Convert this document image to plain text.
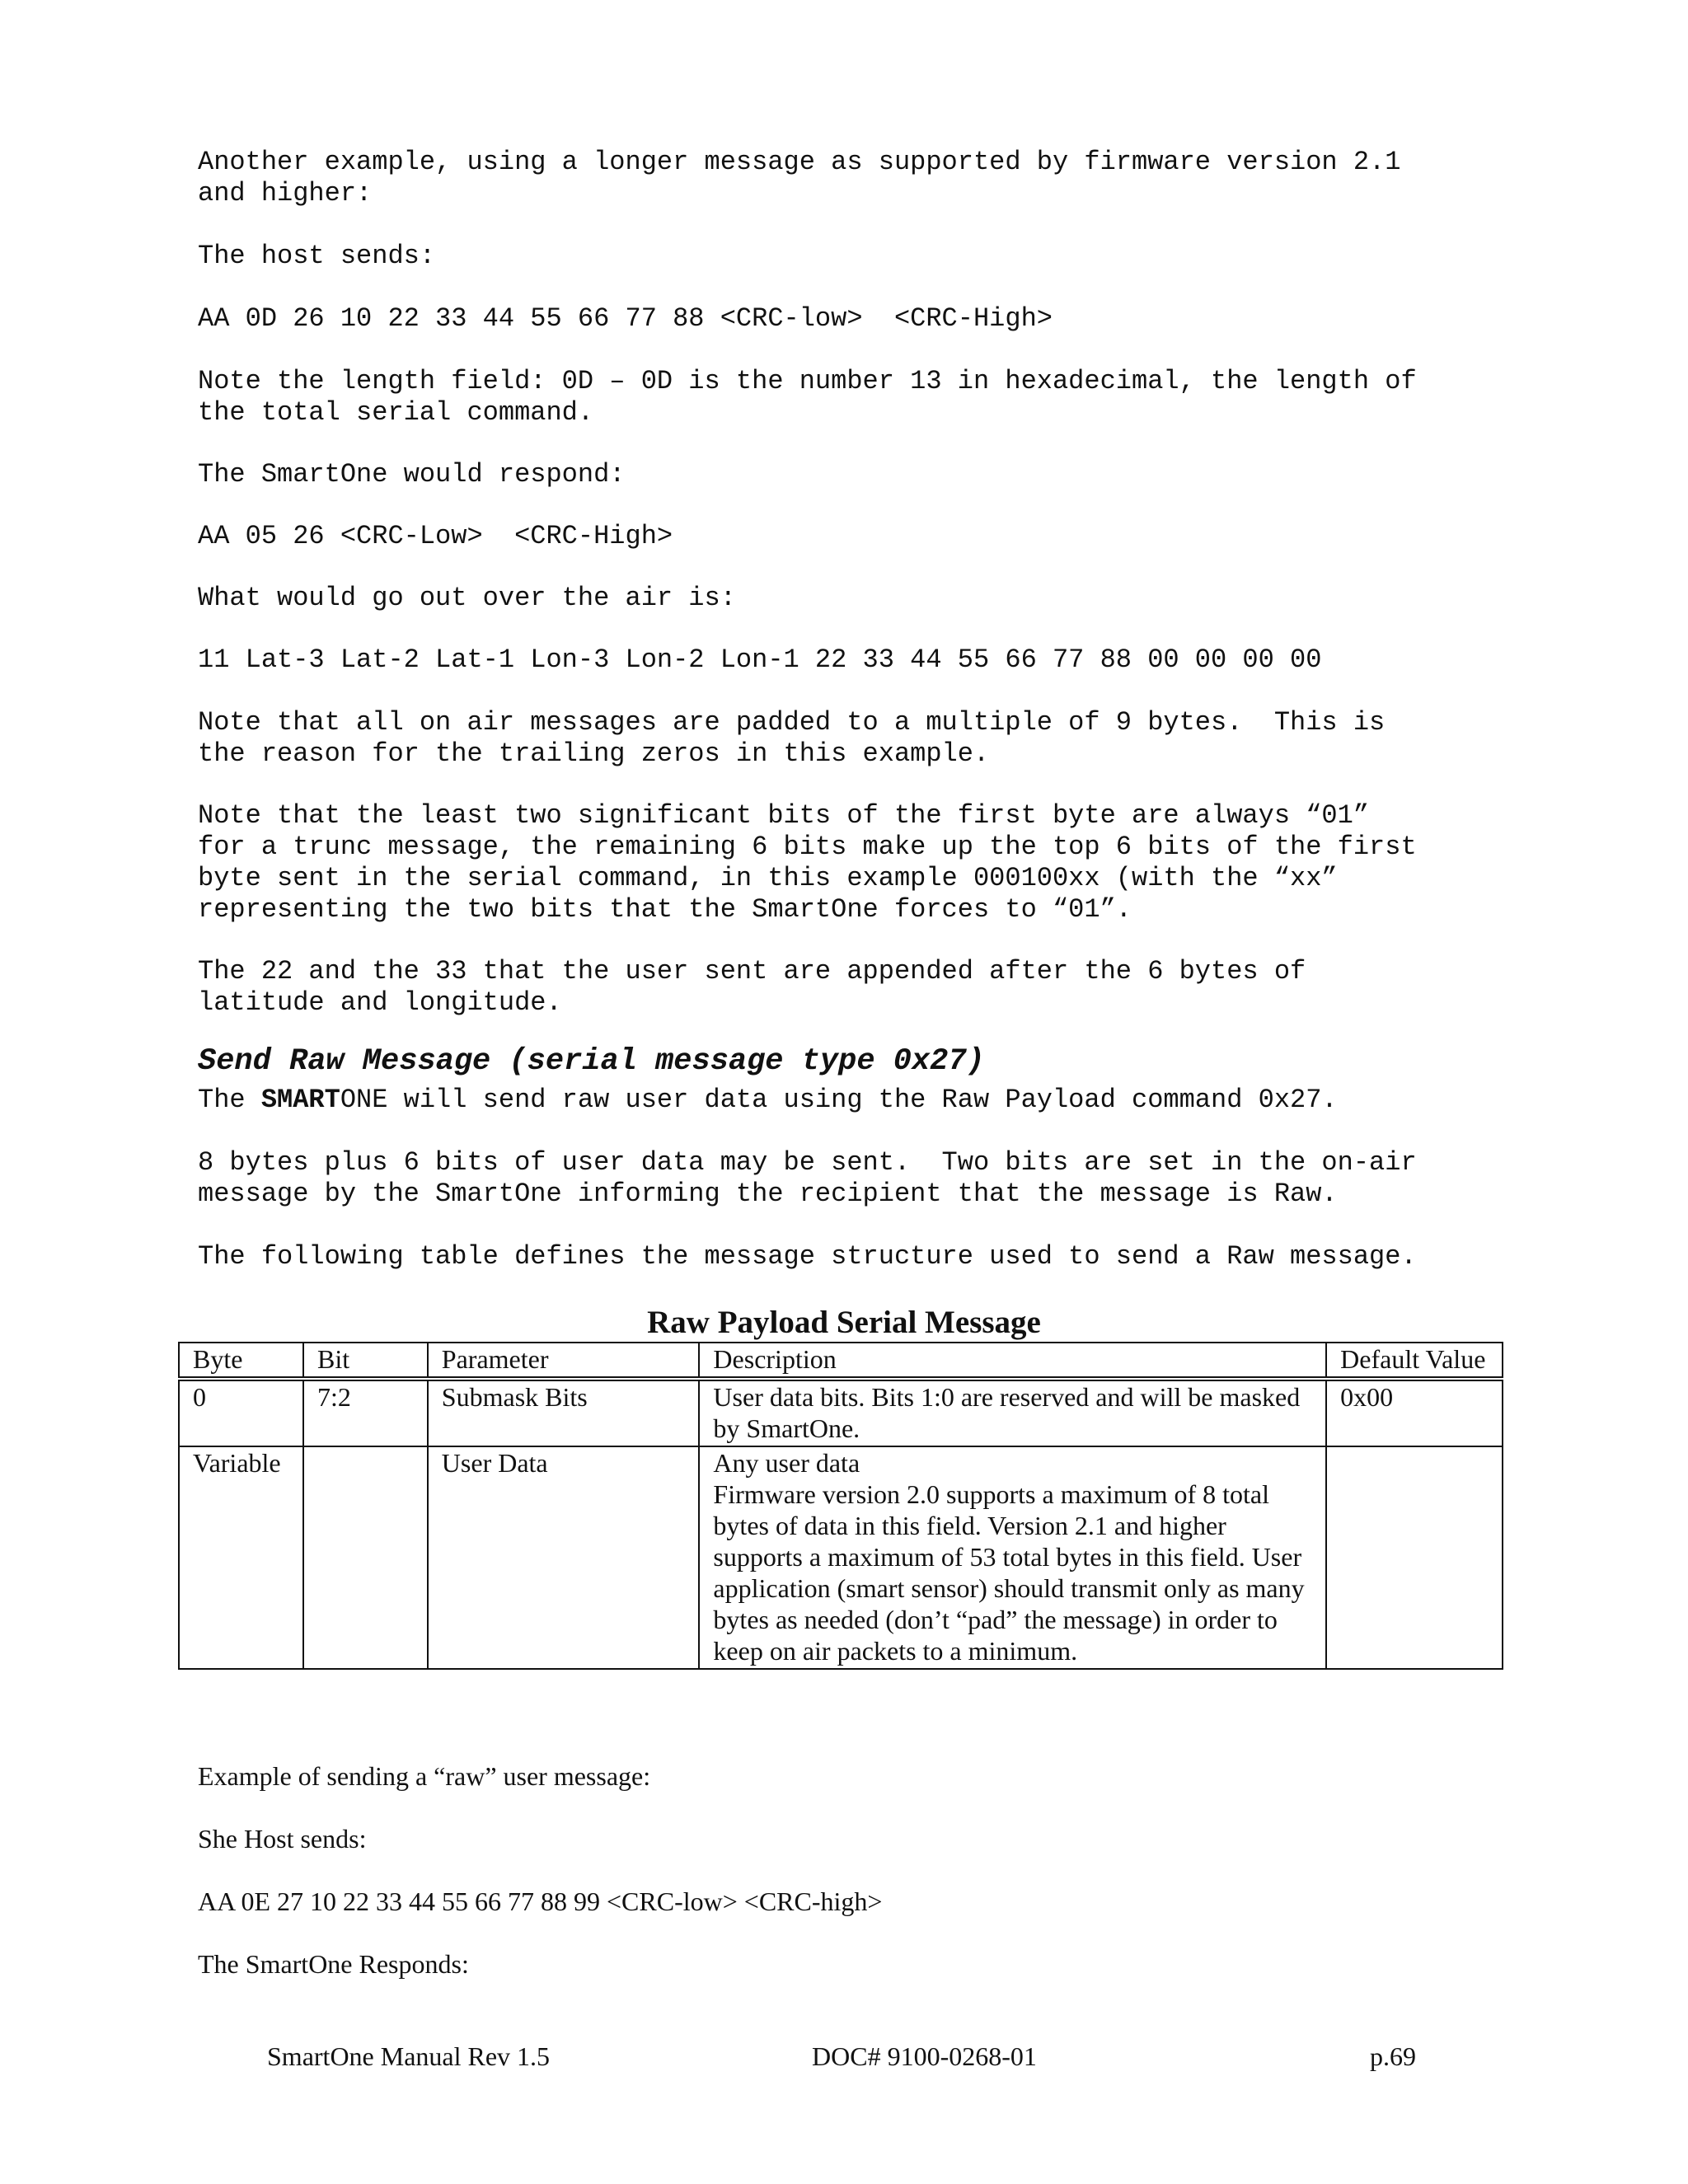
Another example, using a longer message as supported by firmware version 2.1
and higher:

The host sends:

AA 0D 26 10 22 33 44 55 66 77 88 <CRC-low>  <CRC-High>

Note the length field: 0D – 0D is the number 13 in hexadecimal, the length of
the total serial command.

The SmartOne would respond:

AA 05 26 <CRC-Low>  <CRC-High>

What would go out over the air is:

11 Lat-3 Lat-2 Lat-1 Lon-3 Lon-2 Lon-1 22 33 44 55 66 77 88 00 00 00 00

Note that all on air messages are padded to a multiple of 9 bytes.  This is
the reason for the trailing zeros in this example.

Note that the least two significant bits of the first byte are always “01”
for a trunc message, the remaining 6 bits make up the top 6 bits of the first
byte sent in the serial command, in this example 000100xx (with the “xx”
representing the two bits that the SmartOne forces to “01”.

The 22 and the 33 that the user sent are appended after the 6 bytes of
latitude and longitude.

Send Raw Message (serial message type 0x27)

The SMARTONE will send raw user data using the Raw Payload command 0x27.

8 bytes plus 6 bits of user data may be sent.  Two bits are set in the on-air
message by the SmartOne informing the recipient that the message is Raw.

The following table defines the message structure used to send a Raw message.

Raw Payload Serial Message
Byte	Bit	Parameter	Description	Default Value
0	7:2	Submask Bits	User data bits. Bits 1:0 are reserved and will be masked by SmartOne.	0x00
Variable		User Data	Any user data
Firmware version 2.0 supports a maximum of 8 total bytes of data in this field. Version 2.1 and higher supports a maximum of 53 total bytes in this field. User application (smart sensor) should transmit only as many bytes as needed (don’t “pad” the message) in order to keep on air packets to a minimum.	

Example of sending a “raw” user message:

She Host sends:

AA 0E 27 10 22 33 44 55 66 77 88 99 <CRC-low> <CRC-high>

The SmartOne Responds:

SmartOne Manual Rev 1.5	DOC# 9100-0268-01	p.69
